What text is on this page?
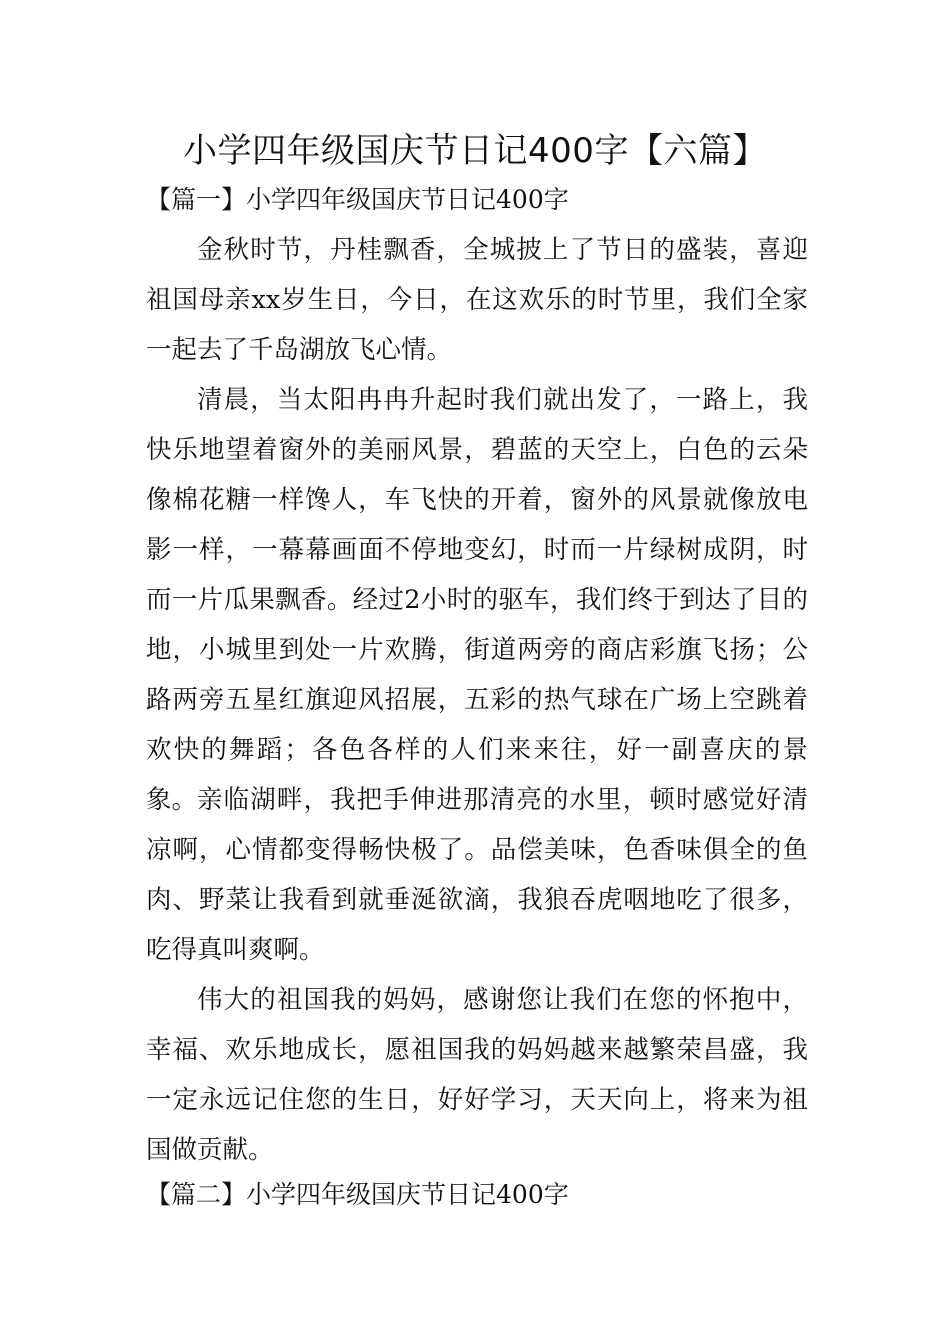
小学四年级国庆节日记400字【六篇】
【篇一】小学四年级国庆节日记400字

金秋时节，丹桂飘香，全城披上了节日的盛装，喜迎祖国母亲xx岁生日，今日，在这欢乐的时节里，我们全家一起去了千岛湖放飞心情。

清晨，当太阳冉冉升起时我们就出发了，一路上，我快乐地望着窗外的美丽风景，碧蓝的天空上，白色的云朵像棉花糖一样馋人，车飞快的开着，窗外的风景就像放电影一样，一幕幕画面不停地变幻，时而一片绿树成阴，时而一片瓜果飘香。经过2小时的驱车，我们终于到达了目的地，小城里到处一片欢腾，街道两旁的商店彩旗飞扬；公路两旁五星红旗迎风招展，五彩的热气球在广场上空跳着欢快的舞蹈；各色各样的人们来来往，好一副喜庆的景象。 亲临湖畔，我把手伸进那清亮的水里，顿时感觉好清凉啊，心情都变得畅快极了。品偿美味，色香味俱全的鱼肉、野菜让我看到就垂涎欲滴，我狼吞虎咽地吃了很多，吃得真叫爽啊。

伟大的祖国我的妈妈，感谢您让我们在您的怀抱中，幸福、欢乐地成长，愿祖国我的妈妈越来越繁荣昌盛，我一定永远记住您的生日，好好学习，天天向上，将来为祖国做贡献。

【篇二】小学四年级国庆节日记400字
